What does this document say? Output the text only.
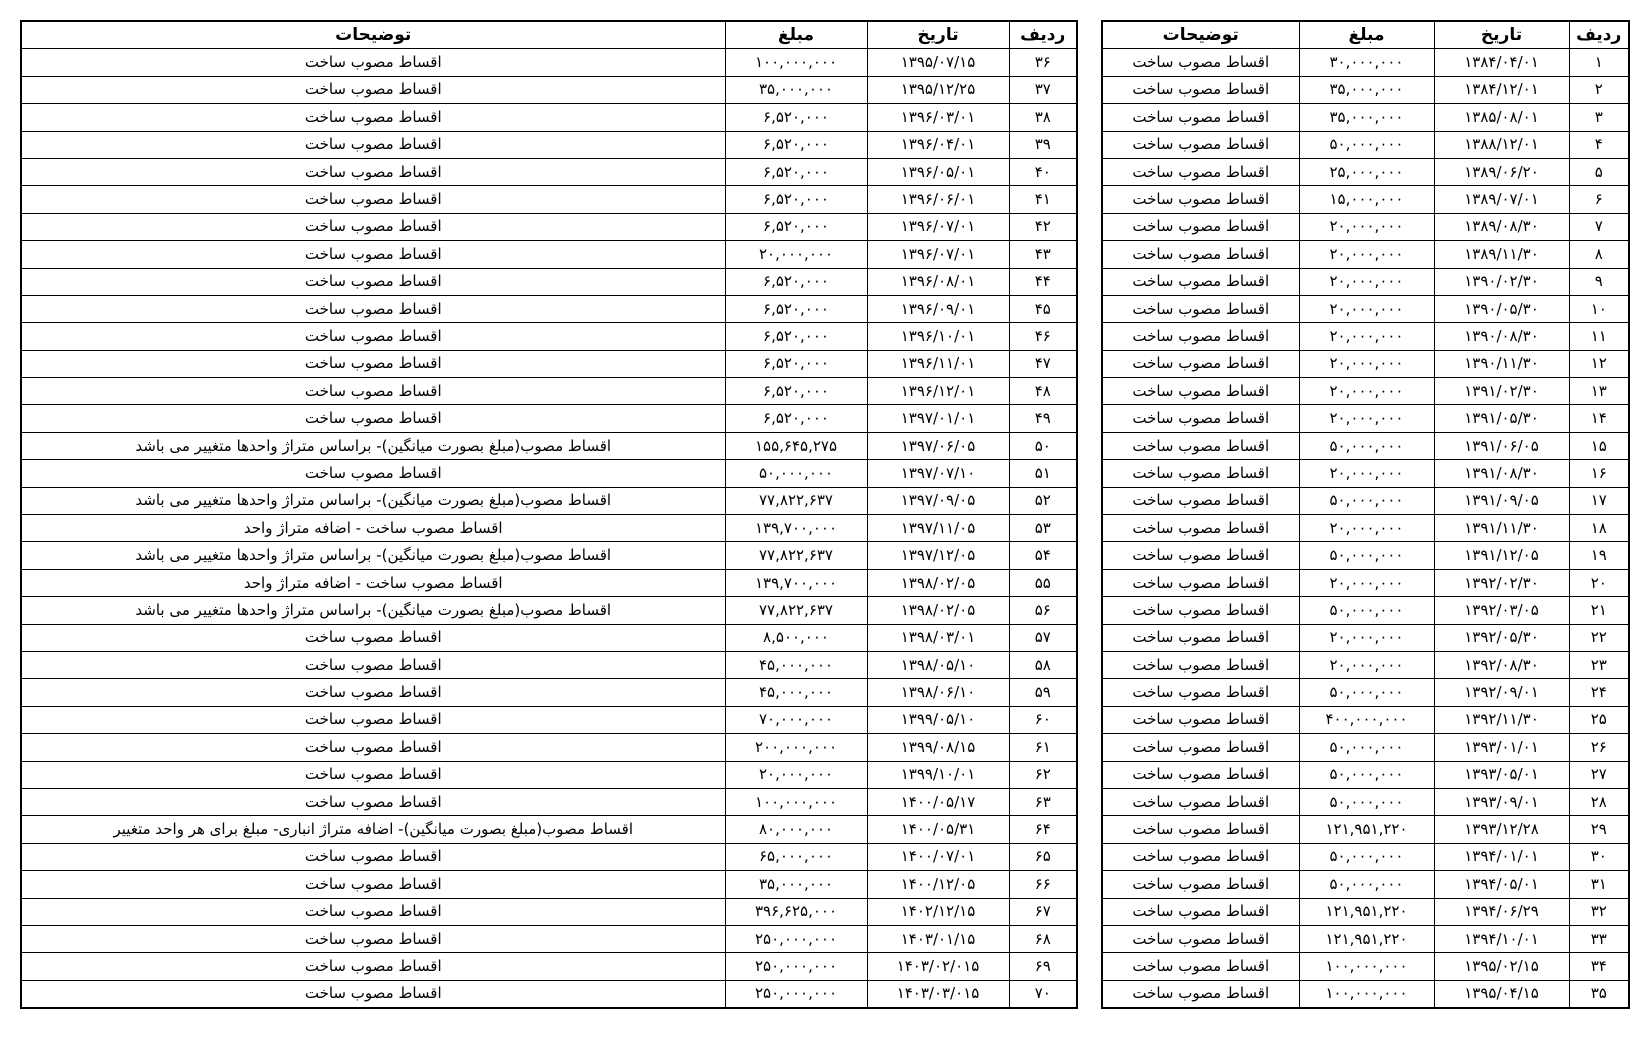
ردیف	تاریخ	مبلغ	توضیحات
۱	۱۳۸۴/۰۴/۰۱	۳۰,۰۰۰,۰۰۰	اقساط مصوب ساخت
۲	۱۳۸۴/۱۲/۰۱	۳۵,۰۰۰,۰۰۰	اقساط مصوب ساخت
۳	۱۳۸۵/۰۸/۰۱	۳۵,۰۰۰,۰۰۰	اقساط مصوب ساخت
۴	۱۳۸۸/۱۲/۰۱	۵۰,۰۰۰,۰۰۰	اقساط مصوب ساخت
۵	۱۳۸۹/۰۶/۲۰	۲۵,۰۰۰,۰۰۰	اقساط مصوب ساخت
۶	۱۳۸۹/۰۷/۰۱	۱۵,۰۰۰,۰۰۰	اقساط مصوب ساخت
۷	۱۳۸۹/۰۸/۳۰	۲۰,۰۰۰,۰۰۰	اقساط مصوب ساخت
۸	۱۳۸۹/۱۱/۳۰	۲۰,۰۰۰,۰۰۰	اقساط مصوب ساخت
۹	۱۳۹۰/۰۲/۳۰	۲۰,۰۰۰,۰۰۰	اقساط مصوب ساخت
۱۰	۱۳۹۰/۰۵/۳۰	۲۰,۰۰۰,۰۰۰	اقساط مصوب ساخت
۱۱	۱۳۹۰/۰۸/۳۰	۲۰,۰۰۰,۰۰۰	اقساط مصوب ساخت
۱۲	۱۳۹۰/۱۱/۳۰	۲۰,۰۰۰,۰۰۰	اقساط مصوب ساخت
۱۳	۱۳۹۱/۰۲/۳۰	۲۰,۰۰۰,۰۰۰	اقساط مصوب ساخت
۱۴	۱۳۹۱/۰۵/۳۰	۲۰,۰۰۰,۰۰۰	اقساط مصوب ساخت
۱۵	۱۳۹۱/۰۶/۰۵	۵۰,۰۰۰,۰۰۰	اقساط مصوب ساخت
۱۶	۱۳۹۱/۰۸/۳۰	۲۰,۰۰۰,۰۰۰	اقساط مصوب ساخت
۱۷	۱۳۹۱/۰۹/۰۵	۵۰,۰۰۰,۰۰۰	اقساط مصوب ساخت
۱۸	۱۳۹۱/۱۱/۳۰	۲۰,۰۰۰,۰۰۰	اقساط مصوب ساخت
۱۹	۱۳۹۱/۱۲/۰۵	۵۰,۰۰۰,۰۰۰	اقساط مصوب ساخت
۲۰	۱۳۹۲/۰۲/۳۰	۲۰,۰۰۰,۰۰۰	اقساط مصوب ساخت
۲۱	۱۳۹۲/۰۳/۰۵	۵۰,۰۰۰,۰۰۰	اقساط مصوب ساخت
۲۲	۱۳۹۲/۰۵/۳۰	۲۰,۰۰۰,۰۰۰	اقساط مصوب ساخت
۲۳	۱۳۹۲/۰۸/۳۰	۲۰,۰۰۰,۰۰۰	اقساط مصوب ساخت
۲۴	۱۳۹۲/۰۹/۰۱	۵۰,۰۰۰,۰۰۰	اقساط مصوب ساخت
۲۵	۱۳۹۲/۱۱/۳۰	۴۰۰,۰۰۰,۰۰۰	اقساط مصوب ساخت
۲۶	۱۳۹۳/۰۱/۰۱	۵۰,۰۰۰,۰۰۰	اقساط مصوب ساخت
۲۷	۱۳۹۳/۰۵/۰۱	۵۰,۰۰۰,۰۰۰	اقساط مصوب ساخت
۲۸	۱۳۹۳/۰۹/۰۱	۵۰,۰۰۰,۰۰۰	اقساط مصوب ساخت
۲۹	۱۳۹۳/۱۲/۲۸	۱۲۱,۹۵۱,۲۲۰	اقساط مصوب ساخت
۳۰	۱۳۹۴/۰۱/۰۱	۵۰,۰۰۰,۰۰۰	اقساط مصوب ساخت
۳۱	۱۳۹۴/۰۵/۰۱	۵۰,۰۰۰,۰۰۰	اقساط مصوب ساخت
۳۲	۱۳۹۴/۰۶/۲۹	۱۲۱,۹۵۱,۲۲۰	اقساط مصوب ساخت
۳۳	۱۳۹۴/۱۰/۰۱	۱۲۱,۹۵۱,۲۲۰	اقساط مصوب ساخت
۳۴	۱۳۹۵/۰۲/۱۵	۱۰۰,۰۰۰,۰۰۰	اقساط مصوب ساخت
۳۵	۱۳۹۵/۰۴/۱۵	۱۰۰,۰۰۰,۰۰۰	اقساط مصوب ساخت
ردیف	تاریخ	مبلغ	توضیحات
۳۶	۱۳۹۵/۰۷/۱۵	۱۰۰,۰۰۰,۰۰۰	اقساط مصوب ساخت
۳۷	۱۳۹۵/۱۲/۲۵	۳۵,۰۰۰,۰۰۰	اقساط مصوب ساخت
۳۸	۱۳۹۶/۰۳/۰۱	۶,۵۲۰,۰۰۰	اقساط مصوب ساخت
۳۹	۱۳۹۶/۰۴/۰۱	۶,۵۲۰,۰۰۰	اقساط مصوب ساخت
۴۰	۱۳۹۶/۰۵/۰۱	۶,۵۲۰,۰۰۰	اقساط مصوب ساخت
۴۱	۱۳۹۶/۰۶/۰۱	۶,۵۲۰,۰۰۰	اقساط مصوب ساخت
۴۲	۱۳۹۶/۰۷/۰۱	۶,۵۲۰,۰۰۰	اقساط مصوب ساخت
۴۳	۱۳۹۶/۰۷/۰۱	۲۰,۰۰۰,۰۰۰	اقساط مصوب ساخت
۴۴	۱۳۹۶/۰۸/۰۱	۶,۵۲۰,۰۰۰	اقساط مصوب ساخت
۴۵	۱۳۹۶/۰۹/۰۱	۶,۵۲۰,۰۰۰	اقساط مصوب ساخت
۴۶	۱۳۹۶/۱۰/۰۱	۶,۵۲۰,۰۰۰	اقساط مصوب ساخت
۴۷	۱۳۹۶/۱۱/۰۱	۶,۵۲۰,۰۰۰	اقساط مصوب ساخت
۴۸	۱۳۹۶/۱۲/۰۱	۶,۵۲۰,۰۰۰	اقساط مصوب ساخت
۴۹	۱۳۹۷/۰۱/۰۱	۶,۵۲۰,۰۰۰	اقساط مصوب ساخت
۵۰	۱۳۹۷/۰۶/۰۵	۱۵۵,۶۴۵,۲۷۵	اقساط مصوب(مبلغ بصورت میانگین)- براساس متراژ واحدها متغییر می باشد
۵۱	۱۳۹۷/۰۷/۱۰	۵۰,۰۰۰,۰۰۰	اقساط مصوب ساخت
۵۲	۱۳۹۷/۰۹/۰۵	۷۷,۸۲۲,۶۳۷	اقساط مصوب(مبلغ بصورت میانگین)- براساس متراژ واحدها متغییر می باشد
۵۳	۱۳۹۷/۱۱/۰۵	۱۳۹,۷۰۰,۰۰۰	اقساط مصوب ساخت - اضافه متراژ واحد
۵۴	۱۳۹۷/۱۲/۰۵	۷۷,۸۲۲,۶۳۷	اقساط مصوب(مبلغ بصورت میانگین)- براساس متراژ واحدها متغییر می باشد
۵۵	۱۳۹۸/۰۲/۰۵	۱۳۹,۷۰۰,۰۰۰	اقساط مصوب ساخت - اضافه متراژ واحد
۵۶	۱۳۹۸/۰۲/۰۵	۷۷,۸۲۲,۶۳۷	اقساط مصوب(مبلغ بصورت میانگین)- براساس متراژ واحدها متغییر می باشد
۵۷	۱۳۹۸/۰۳/۰۱	۸,۵۰۰,۰۰۰	اقساط مصوب ساخت
۵۸	۱۳۹۸/۰۵/۱۰	۴۵,۰۰۰,۰۰۰	اقساط مصوب ساخت
۵۹	۱۳۹۸/۰۶/۱۰	۴۵,۰۰۰,۰۰۰	اقساط مصوب ساخت
۶۰	۱۳۹۹/۰۵/۱۰	۷۰,۰۰۰,۰۰۰	اقساط مصوب ساخت
۶۱	۱۳۹۹/۰۸/۱۵	۲۰۰,۰۰۰,۰۰۰	اقساط مصوب ساخت
۶۲	۱۳۹۹/۱۰/۰۱	۲۰,۰۰۰,۰۰۰	اقساط مصوب ساخت
۶۳	۱۴۰۰/۰۵/۱۷	۱۰۰,۰۰۰,۰۰۰	اقساط مصوب ساخت
۶۴	۱۴۰۰/۰۵/۳۱	۸۰,۰۰۰,۰۰۰	اقساط مصوب(مبلغ بصورت میانگین)- اضافه متراژ انباری- مبلغ برای هر واحد متغییر
۶۵	۱۴۰۰/۰۷/۰۱	۶۵,۰۰۰,۰۰۰	اقساط مصوب ساخت
۶۶	۱۴۰۰/۱۲/۰۵	۳۵,۰۰۰,۰۰۰	اقساط مصوب ساخت
۶۷	۱۴۰۲/۱۲/۱۵	۳۹۶,۶۲۵,۰۰۰	اقساط مصوب ساخت
۶۸	۱۴۰۳/۰۱/۱۵	۲۵۰,۰۰۰,۰۰۰	اقساط مصوب ساخت
۶۹	۱۴۰۳/۰۲/۰۱۵	۲۵۰,۰۰۰,۰۰۰	اقساط مصوب ساخت
۷۰	۱۴۰۳/۰۳/۰۱۵	۲۵۰,۰۰۰,۰۰۰	اقساط مصوب ساخت
